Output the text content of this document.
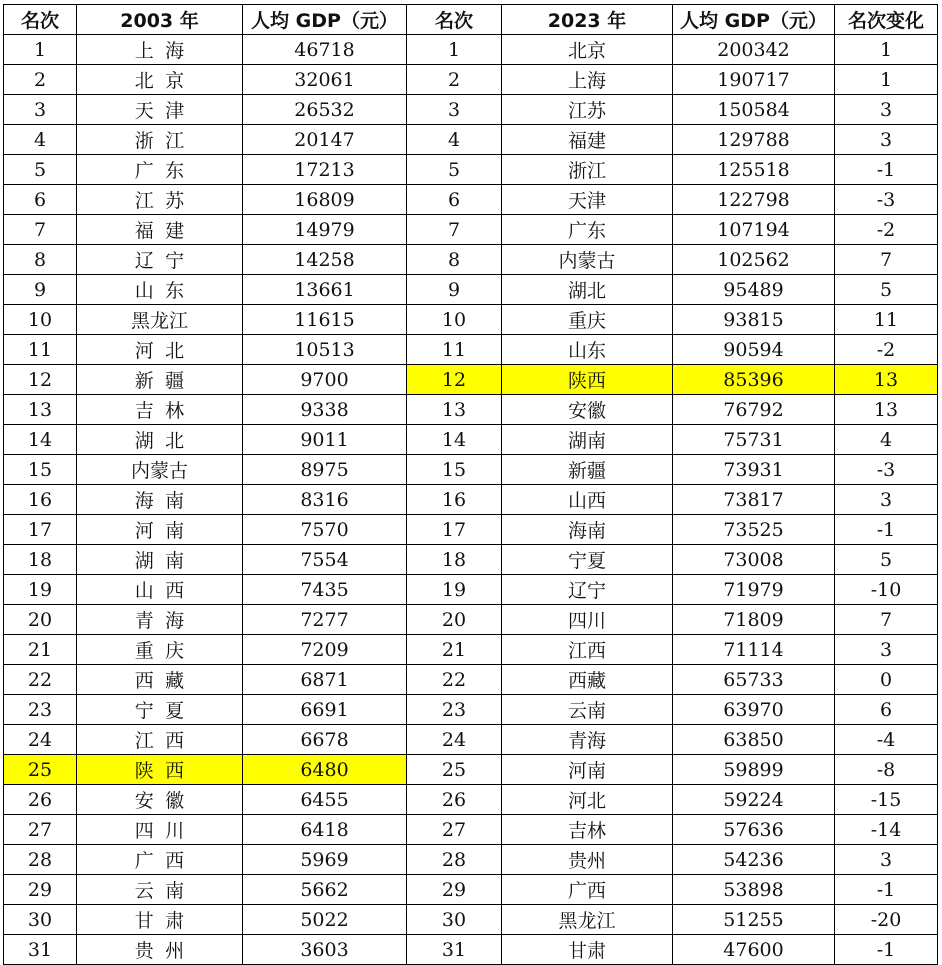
名次	2003 年	人均 GDP（元）	名次	2023 年	人均 GDP（元）	名次变化
1	上海	46718	1	北京	200342	1
2	北京	32061	2	上海	190717	1
3	天津	26532	3	江苏	150584	3
4	浙江	20147	4	福建	129788	3
5	广东	17213	5	浙江	125518	-1
6	江苏	16809	6	天津	122798	-3
7	福建	14979	7	广东	107194	-2
8	辽宁	14258	8	内蒙古	102562	7
9	山东	13661	9	湖北	95489	5
10	黑龙江	11615	10	重庆	93815	11
11	河北	10513	11	山东	90594	-2
12	新疆	9700	12	陕西	85396	13
13	吉林	9338	13	安徽	76792	13
14	湖北	9011	14	湖南	75731	4
15	内蒙古	8975	15	新疆	73931	-3
16	海南	8316	16	山西	73817	3
17	河南	7570	17	海南	73525	-1
18	湖南	7554	18	宁夏	73008	5
19	山西	7435	19	辽宁	71979	-10
20	青海	7277	20	四川	71809	7
21	重庆	7209	21	江西	71114	3
22	西藏	6871	22	西藏	65733	0
23	宁夏	6691	23	云南	63970	6
24	江西	6678	24	青海	63850	-4
25	陕西	6480	25	河南	59899	-8
26	安徽	6455	26	河北	59224	-15
27	四川	6418	27	吉林	57636	-14
28	广西	5969	28	贵州	54236	3
29	云南	5662	29	广西	53898	-1
30	甘肃	5022	30	黑龙江	51255	-20
31	贵州	3603	31	甘肃	47600	-1
